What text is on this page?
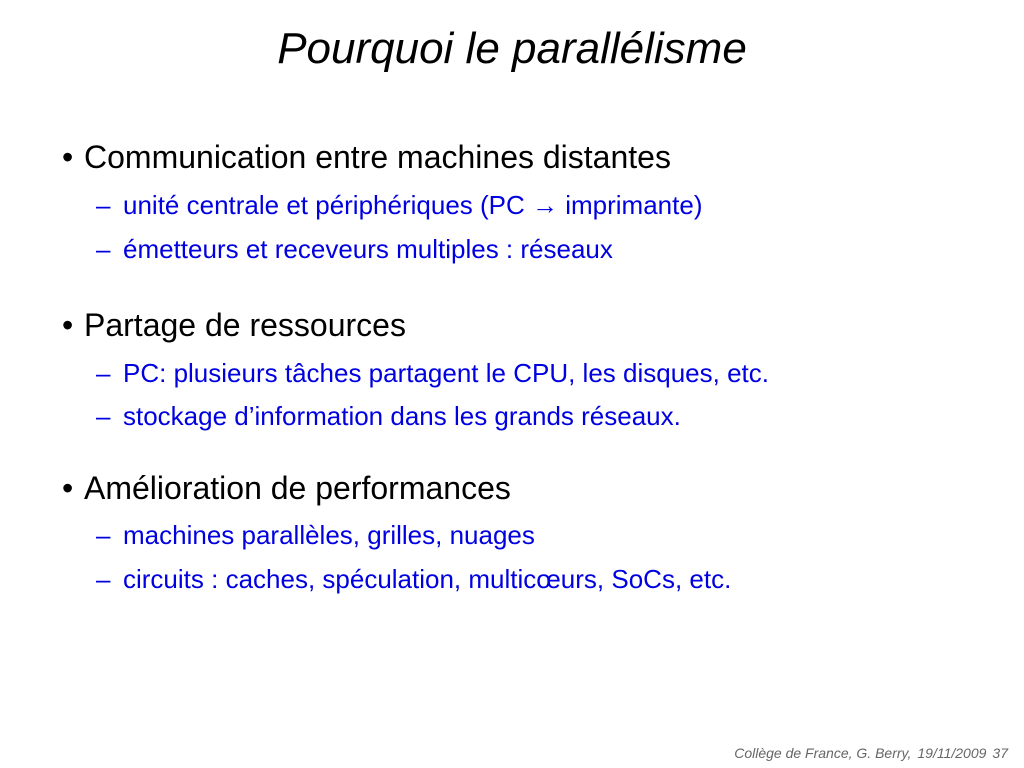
Pourquoi le parallélisme
• Communication entre machines distantes
– unité centrale et périphériques (PC → imprimante)
– émetteurs et receveurs multiples : réseaux
• Partage de ressources
– PC: plusieurs tâches partagent le CPU, les disques, etc.
– stockage d’information dans les grands réseaux.
• Amélioration de performances
– machines parallèles, grilles, nuages
– circuits : caches, spéculation, multicœurs, SoCs, etc.
Collège de France, G. Berry, 19/11/2009 37
